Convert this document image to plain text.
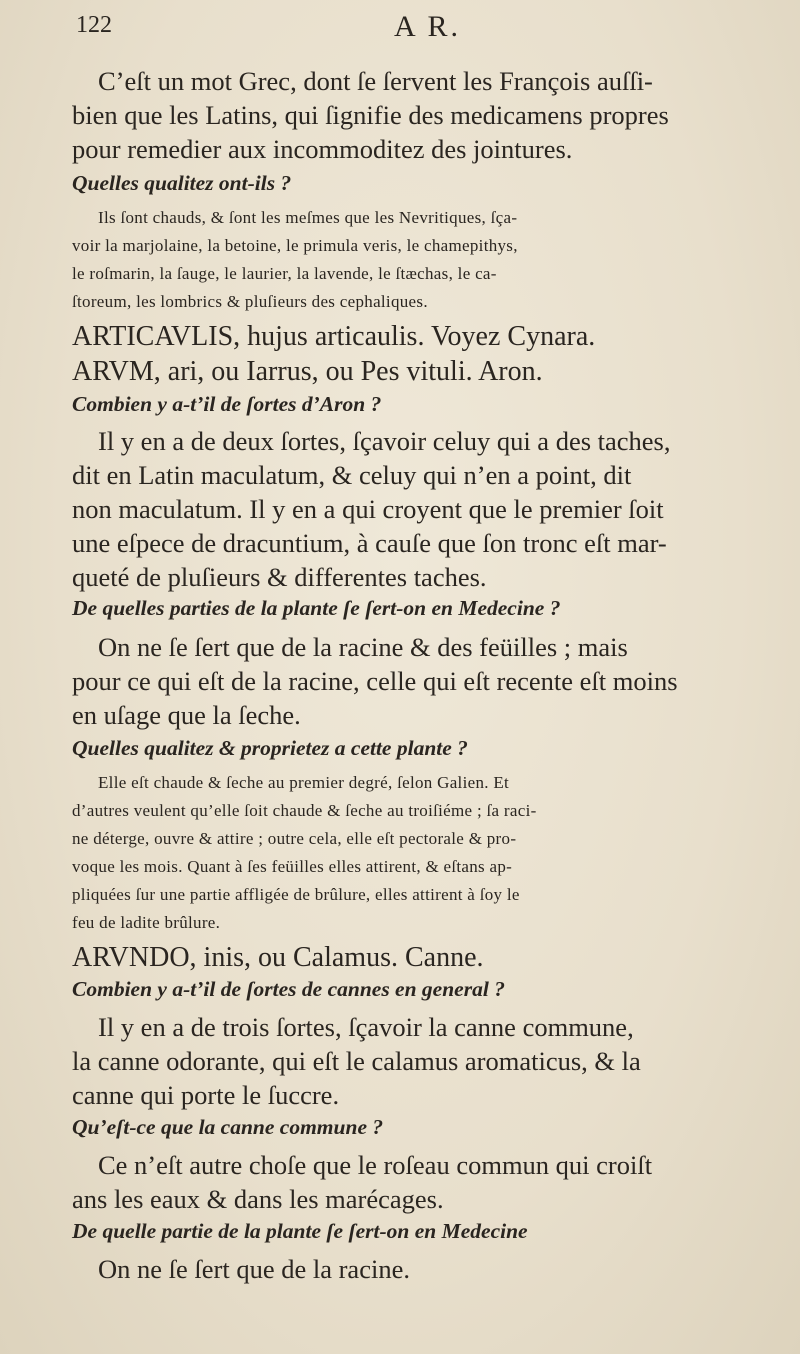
122	A R.
C’eſt un mot Grec, dont ſe ſervent les François auſſi-
bien que les Latins, qui ſignifie des medicamens propres
pour remedier aux incommoditez des jointures.
Quelles qualitez ont-ils ?
Ils ſont chauds, & ſont les meſmes que les Nevritiques, ſça-
voir la marjolaine, la betoine, le primula veris, le chamepithys,
le roſmarin, la ſauge, le laurier, la lavende, le ſtæchas, le ca-
ſtoreum, les lombrics & pluſieurs des cephaliques.
ARTICAVLIS, hujus articaulis. Voyez Cynara.
ARVM, ari, ou Iarrus, ou Pes vituli. Aron.
Combien y a-t’il de ſortes d’Aron ?
Il y en a de deux ſortes, ſçavoir celuy qui a des taches,
dit en Latin maculatum, & celuy qui n’en a point, dit
non maculatum. Il y en a qui croyent que le premier ſoit
une eſpece de dracuntium, à cauſe que ſon tronc eſt mar-
queté de pluſieurs & differentes taches.
De quelles parties de la plante ſe ſert-on en Medecine ?
On ne ſe ſert que de la racine & des feüilles ; mais
pour ce qui eſt de la racine, celle qui eſt recente eſt moins
en uſage que la ſeche.
Quelles qualitez & proprietez a cette plante ?
Elle eſt chaude & ſeche au premier degré, ſelon Galien. Et
d’autres veulent qu’elle ſoit chaude & ſeche au troiſiéme ; ſa raci-
ne déterge, ouvre & attire ; outre cela, elle eſt pectorale & pro-
voque les mois. Quant à ſes feüilles elles attirent, & eſtans ap-
pliquées ſur une partie affligée de brûlure, elles attirent à ſoy le
feu de ladite brûlure.
ARVNDO, inis, ou Calamus. Canne.
Combien y a-t’il de ſortes de cannes en general ?
Il y en a de trois ſortes, ſçavoir la canne commune,
la canne odorante, qui eſt le calamus aromaticus, & la
canne qui porte le ſuccre.
Qu’eſt-ce que la canne commune ?
Ce n’eſt autre choſe que le roſeau commun qui croiſt
ans les eaux & dans les marécages.
De quelle partie de la plante ſe ſert-on en Medecine
On ne ſe ſert que de la racine.
